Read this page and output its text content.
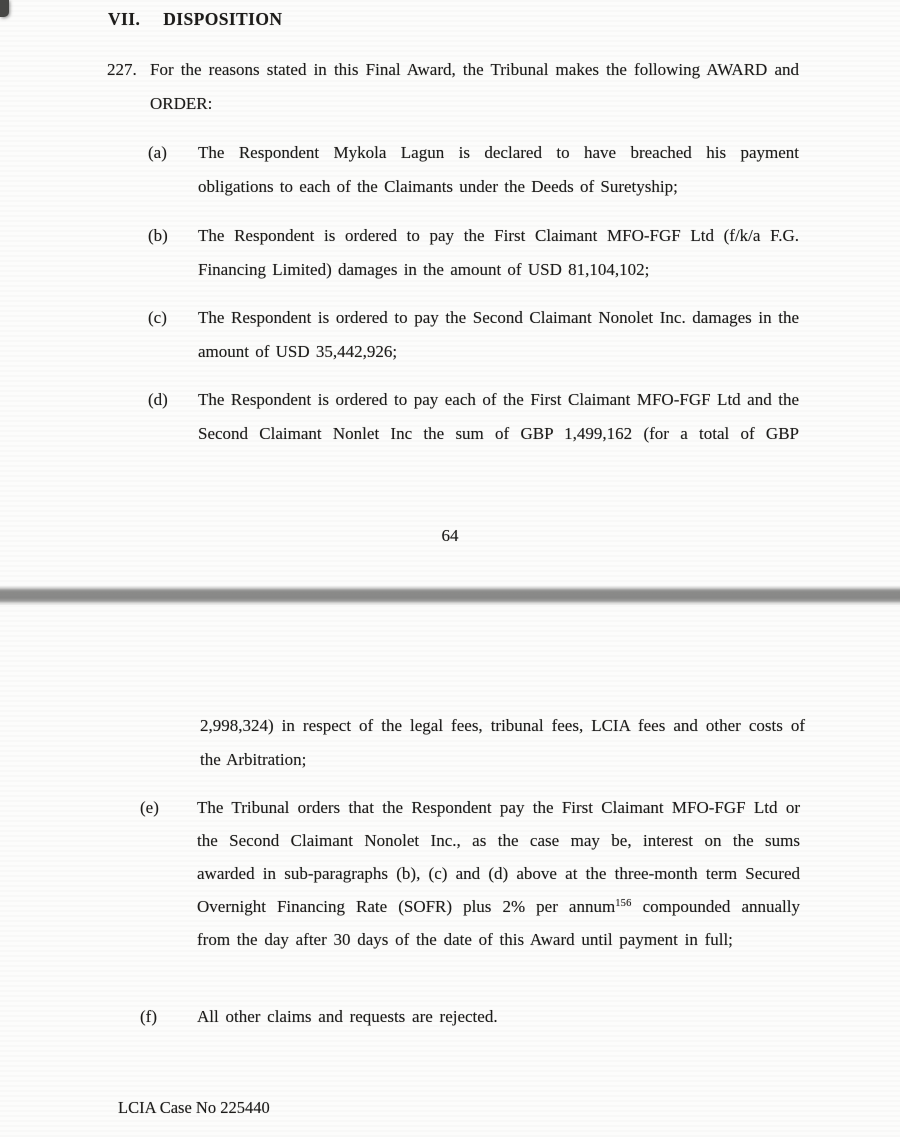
VII. DISPOSITION
227. For the reasons stated in this Final Award, the Tribunal makes the following AWARD and ORDER:
(a)	The Respondent Mykola Lagun is declared to have breached his payment obligations to each of the Claimants under the Deeds of Suretyship;
(b)	The Respondent is ordered to pay the First Claimant MFO-FGF Ltd (f/k/a F.G. Financing Limited) damages in the amount of USD 81,104,102;
(c)	The Respondent is ordered to pay the Second Claimant Nonolet Inc. damages in the amount of USD 35,442,926;
(d)	The Respondent is ordered to pay each of the First Claimant MFO-FGF Ltd and the Second Claimant Nonlet Inc the sum of GBP 1,499,162 (for a total of GBP
64
2,998,324) in respect of the legal fees, tribunal fees, LCIA fees and other costs of the Arbitration;
(e)	The Tribunal orders that the Respondent pay the First Claimant MFO-FGF Ltd or the Second Claimant Nonolet Inc., as the case may be, interest on the sums awarded in sub-paragraphs (b), (c) and (d) above at the three-month term Secured Overnight Financing Rate (SOFR) plus 2% per annum$^{156}$ compounded annually from the day after 30 days of the date of this Award until payment in full;
(f)	All other claims and requests are rejected.
LCIA Case No 225440
